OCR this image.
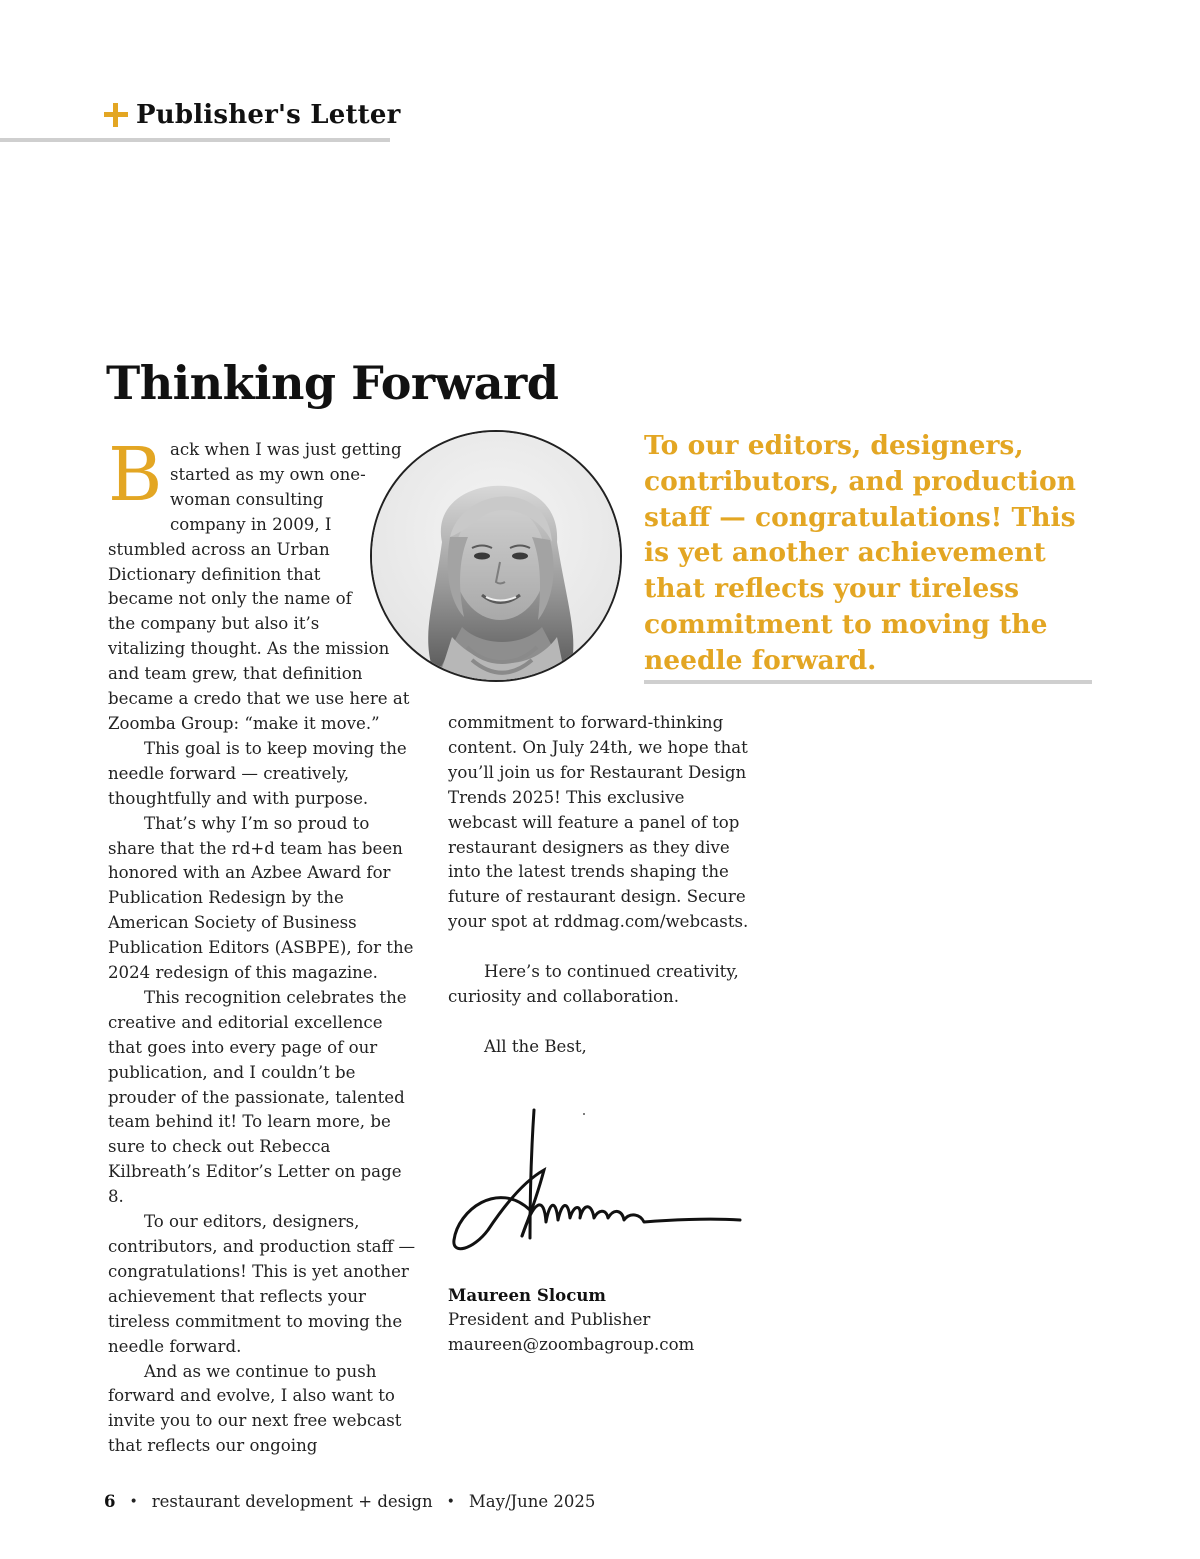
Publisher's Letter
Thinking Forward

Back when I was just getting started as my own one-woman consulting company in 2009, I stumbled across an Urban Dictionary definition that became not only the name of the company but also it’s vitalizing thought. As the mission and team grew, that definition became a credo that we use here at Zoomba Group: “make it move.”

This goal is to keep moving the needle forward — creatively, thoughtfully and with purpose.

That’s why I’m so proud to share that the rd+d team has been honored with an Azbee Award for Publication Redesign by the American Society of Business Publication Editors (ASBPE), for the 2024 redesign of this magazine.

This recognition celebrates the creative and editorial excellence that goes into every page of our publication, and I couldn’t be prouder of the passionate, talented team behind it! To learn more, be sure to check out Rebecca Kilbreath’s Editor’s Letter on page 8.

To our editors, designers, contributors, and production staff — congratulations! This is yet another achievement that reflects your tireless commitment to moving the needle forward.

And as we continue to push forward and evolve, I also want to invite you to our next free webcast that reflects our ongoing

To our editors, designers, contributors, and production staff — congratulations! This is yet another achievement that reflects your tireless commitment to moving the needle forward.

commitment to forward-thinking content. On July 24th, we hope that you’ll join us for Restaurant Design Trends 2025! This exclusive webcast will feature a panel of top restaurant designers as they dive into the latest trends shaping the future of restaurant design. Secure your spot at rddmag.com/webcasts.

Here’s to continued creativity, curiosity and collaboration.

All the Best,

Maureen Slocum
President and Publisher
maureen@zoombagroup.com
6 • restaurant development + design • May/June 2025
